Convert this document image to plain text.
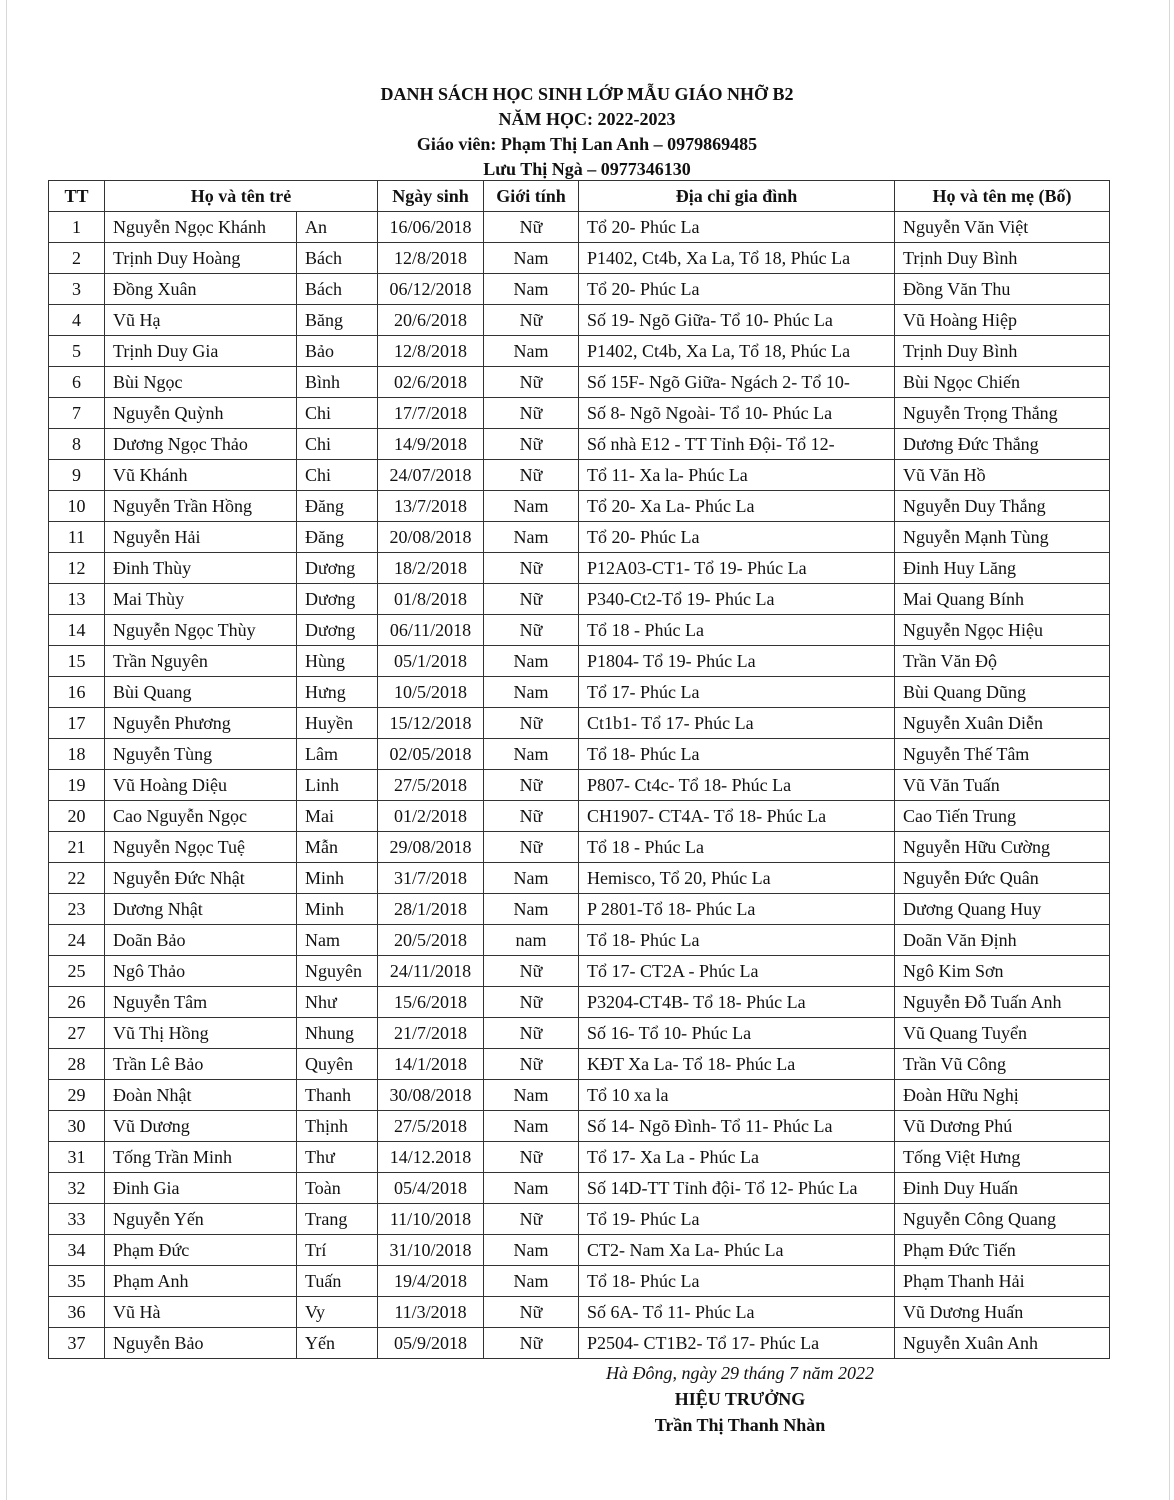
DANH SÁCH HỌC SINH LỚP MẪU GIÁO NHỠ B2
NĂM HỌC: 2022-2023
Giáo viên: Phạm Thị Lan Anh – 0979869485
Lưu Thị Ngà – 0977346130
TT	Họ và tên trẻ		Ngày sinh	Giới tính	Địa chỉ gia đình	Họ và tên mẹ (Bố)
1	Nguyễn Ngọc Khánh	An	16/06/2018	Nữ	Tổ 20- Phúc La	Nguyễn Văn Việt
2	Trịnh Duy Hoàng	Bách	12/8/2018	Nam	P1402, Ct4b, Xa La, Tổ 18, Phúc La	Trịnh Duy Bình
3	Đồng Xuân	Bách	06/12/2018	Nam	Tổ 20- Phúc La	Đồng Văn Thu
4	Vũ Hạ	Băng	20/6/2018	Nữ	Số 19- Ngõ Giữa- Tổ 10- Phúc La	Vũ Hoàng Hiệp
5	Trịnh Duy Gia	Bảo	12/8/2018	Nam	P1402, Ct4b, Xa La, Tổ 18, Phúc La	Trịnh Duy Bình
6	Bùi Ngọc	Bình	02/6/2018	Nữ	Số 15F- Ngõ Giữa- Ngách 2- Tổ 10-	Bùi Ngọc Chiến
7	Nguyễn Quỳnh	Chi	17/7/2018	Nữ	Số 8- Ngõ Ngoài- Tổ 10- Phúc La	Nguyễn Trọng Thắng
8	Dương Ngọc Thảo	Chi	14/9/2018	Nữ	Số nhà E12 - TT Tỉnh Đội- Tổ 12-	Dương Đức Thắng
9	Vũ Khánh	Chi	24/07/2018	Nữ	Tổ 11- Xa la- Phúc La	Vũ Văn Hồ
10	Nguyễn Trần Hồng	Đăng	13/7/2018	Nam	Tổ 20- Xa La- Phúc La	Nguyễn Duy Thắng
11	Nguyễn Hải	Đăng	20/08/2018	Nam	Tổ 20- Phúc La	Nguyễn Mạnh Tùng
12	Đinh Thùy	Dương	18/2/2018	Nữ	P12A03-CT1- Tổ 19- Phúc La	Đinh Huy Lăng
13	Mai Thùy	Dương	01/8/2018	Nữ	P340-Ct2-Tổ 19- Phúc La	Mai Quang Bính
14	Nguyễn Ngọc Thùy	Dương	06/11/2018	Nữ	Tổ 18 - Phúc La	Nguyễn Ngọc Hiệu
15	Trần Nguyên	Hùng	05/1/2018	Nam	P1804- Tổ 19- Phúc La	Trần Văn Độ
16	Bùi Quang	Hưng	10/5/2018	Nam	Tổ 17- Phúc La	Bùi Quang Dũng
17	Nguyễn Phương	Huyền	15/12/2018	Nữ	Ct1b1- Tổ 17- Phúc La	Nguyễn Xuân Diễn
18	Nguyễn Tùng	Lâm	02/05/2018	Nam	Tổ 18- Phúc La	Nguyễn Thế Tâm
19	Vũ Hoàng Diệu	Linh	27/5/2018	Nữ	P807- Ct4c- Tổ 18- Phúc La	Vũ Văn Tuấn
20	Cao Nguyễn Ngọc	Mai	01/2/2018	Nữ	CH1907- CT4A- Tổ 18- Phúc La	Cao Tiến Trung
21	Nguyễn Ngọc Tuệ	Mẫn	29/08/2018	Nữ	Tổ 18 - Phúc La	Nguyễn Hữu Cường
22	Nguyễn Đức Nhật	Minh	31/7/2018	Nam	Hemisco, Tổ 20, Phúc La	Nguyễn Đức Quân
23	Dương Nhật	Minh	28/1/2018	Nam	P 2801-Tổ 18- Phúc La	Dương Quang Huy
24	Doãn Bảo	Nam	20/5/2018	nam	Tổ 18- Phúc La	Doãn Văn Định
25	Ngô Thảo	Nguyên	24/11/2018	Nữ	Tổ 17- CT2A - Phúc La	Ngô Kim Sơn
26	Nguyễn Tâm	Như	15/6/2018	Nữ	P3204-CT4B- Tổ 18- Phúc La	Nguyễn Đỗ Tuấn Anh
27	Vũ Thị Hồng	Nhung	21/7/2018	Nữ	Số 16- Tổ 10- Phúc La	Vũ Quang Tuyển
28	Trần Lê Bảo	Quyên	14/1/2018	Nữ	KĐT Xa La- Tổ 18- Phúc La	Trần Vũ Công
29	Đoàn Nhật	Thanh	30/08/2018	Nam	Tổ 10 xa la	Đoàn Hữu Nghị
30	Vũ Dương	Thịnh	27/5/2018	Nam	Số 14- Ngõ Đình- Tổ 11- Phúc La	Vũ Dương Phú
31	Tống Trần Minh	Thư	14/12.2018	Nữ	Tổ 17- Xa La - Phúc La	Tống Việt Hưng
32	Đinh Gia	Toàn	05/4/2018	Nam	Số 14D-TT Tỉnh đội- Tổ 12- Phúc La	Đinh Duy Huấn
33	Nguyễn Yến	Trang	11/10/2018	Nữ	Tổ 19- Phúc La	Nguyễn Công Quang
34	Phạm Đức	Trí	31/10/2018	Nam	CT2- Nam Xa La- Phúc La	Phạm Đức Tiến
35	Phạm Anh	Tuấn	19/4/2018	Nam	Tổ 18- Phúc La	Phạm Thanh Hải
36	Vũ Hà	Vy	11/3/2018	Nữ	Số 6A- Tổ 11- Phúc La	Vũ Dương Huấn
37	Nguyễn Bảo	Yến	05/9/2018	Nữ	P2504- CT1B2- Tổ 17- Phúc La	Nguyễn Xuân Anh
Hà Đông, ngày 29 tháng 7 năm 2022
HIỆU TRƯỞNG
Trần Thị Thanh Nhàn
